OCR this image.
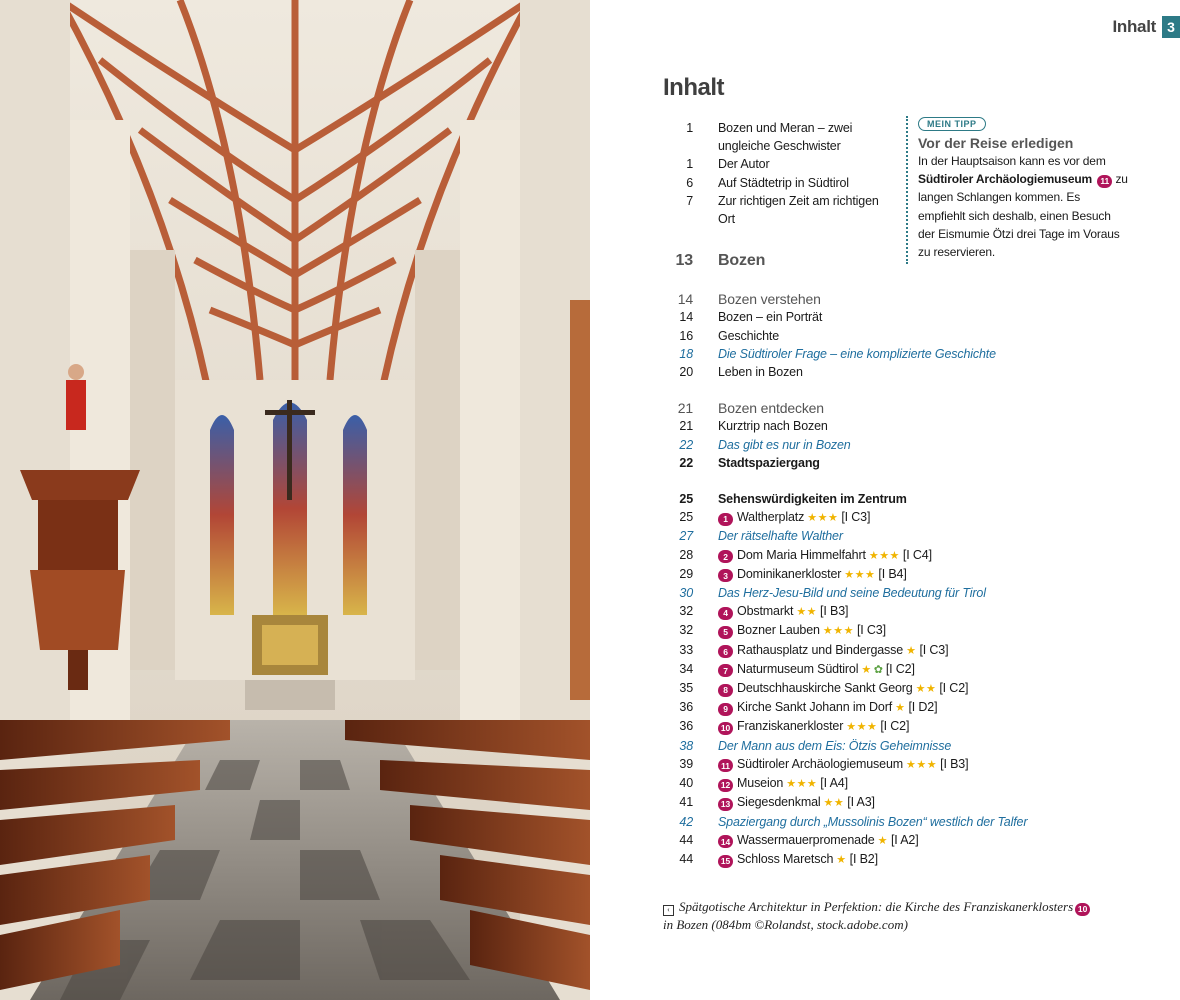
Inhalt 3
Inhalt
1 Bozen und Meran – zwei ungleiche Geschwister
1 Der Autor
6 Auf Städtetrip in Südtirol
7 Zur richtigen Zeit am richtigen Ort
13 Bozen
14 Bozen verstehen
14 Bozen – ein Porträt
16 Geschichte
18 Die Südtiroler Frage – eine komplizierte Geschichte
20 Leben in Bozen
21 Bozen entdecken
21 Kurztrip nach Bozen
22 Das gibt es nur in Bozen
22 Stadtspaziergang
25 Sehenswürdigkeiten im Zentrum
25	1 Waltherplatz ★★★ [I C3]
27 Der rätselhafte Walther
28	2 Dom Maria Himmelfahrt ★★★ [I C4]
29	3 Dominikanerkloster ★★★ [I B4]
30 Das Herz-Jesu-Bild und seine Bedeutung für Tirol
32	4 Obstmarkt ★★ [I B3]
32	5 Bozner Lauben ★★★ [I C3]
33	6 Rathausplatz und Bindergasse ★ [I C3]
34	7 Naturmuseum Südtirol ★ ✿ [I C2]
35	8 Deutschhauskirche Sankt Georg ★★ [I C2]
36	9 Kirche Sankt Johann im Dorf ★ [I D2]
36	10 Franziskanerkloster ★★★ [I C2]
38 Der Mann aus dem Eis: Ötzis Geheimnisse
39	11 Südtiroler Archäologiemuseum ★★★ [I B3]
40	12 Museion ★★★ [I A4]
41	13 Siegesdenkmal ★★ [I A3]
42 Spaziergang durch „Mussolinis Bozen“ westlich der Talfer
44	14 Wassermauerpromenade ★ [I A2]
44	15 Schloss Maretsch ★ [I B2]
MEIN TIPP
Vor der Reise erledigen
In der Hauptsaison kann es vor dem Südtiroler Archäologiemuseum 11 zu langen Schlangen kommen. Es empfiehlt sich deshalb, einen Besuch der Eismumie Ötzi drei Tage im Voraus zu reservieren.
‹ Spätgotische Architektur in Perfektion: die Kirche des Franziskanerklosters 10
in Bozen (084bm ©Rolandst, stock.adobe.com)
